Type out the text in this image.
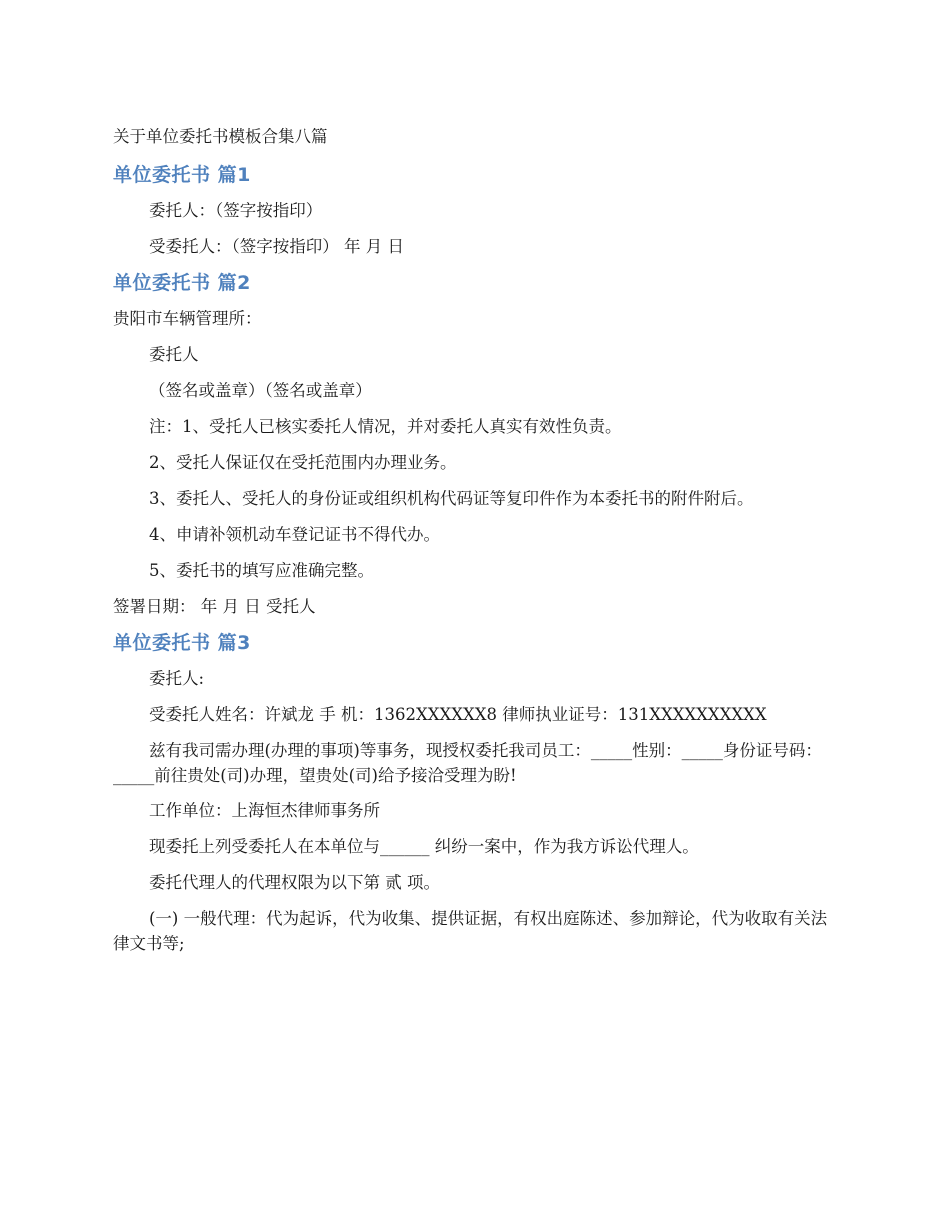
关于单位委托书模板合集八篇
单位委托书 篇1

委托人：（签字按指印）

受委托人：（签字按指印） 年 月 日

单位委托书 篇2

贵阳市车辆管理所：

委托人

（签名或盖章）（签名或盖章）

注：1、受托人已核实委托人情况，并对委托人真实有效性负责。

2、受托人保证仅在受托范围内办理业务。

3、委托人、受托人的身份证或组织机构代码证等复印件作为本委托书的附件附后。

4、申请补领机动车登记证书不得代办。

5、委托书的填写应准确完整。

签署日期： 年 月 日 受托人

单位委托书 篇3

委托人:

受委托人姓名：许斌龙 手 机：1362XXXXXX8 律师执业证号：131XXXXXXXXXX

兹有我司需办理(办理的事项)等事务，现授权委托我司员工：_____性别：_____身份证号码：_____前往贵处(司)办理，望贵处(司)给予接洽受理为盼!

工作单位：上海恒杰律师事务所

现委托上列受委托人在本单位与______ 纠纷一案中，作为我方诉讼代理人。

委托代理人的代理权限为以下第 贰 项。

(一) 一般代理：代为起诉，代为收集、提供证据，有权出庭陈述、参加辩论，代为收取有关法律文书等;
